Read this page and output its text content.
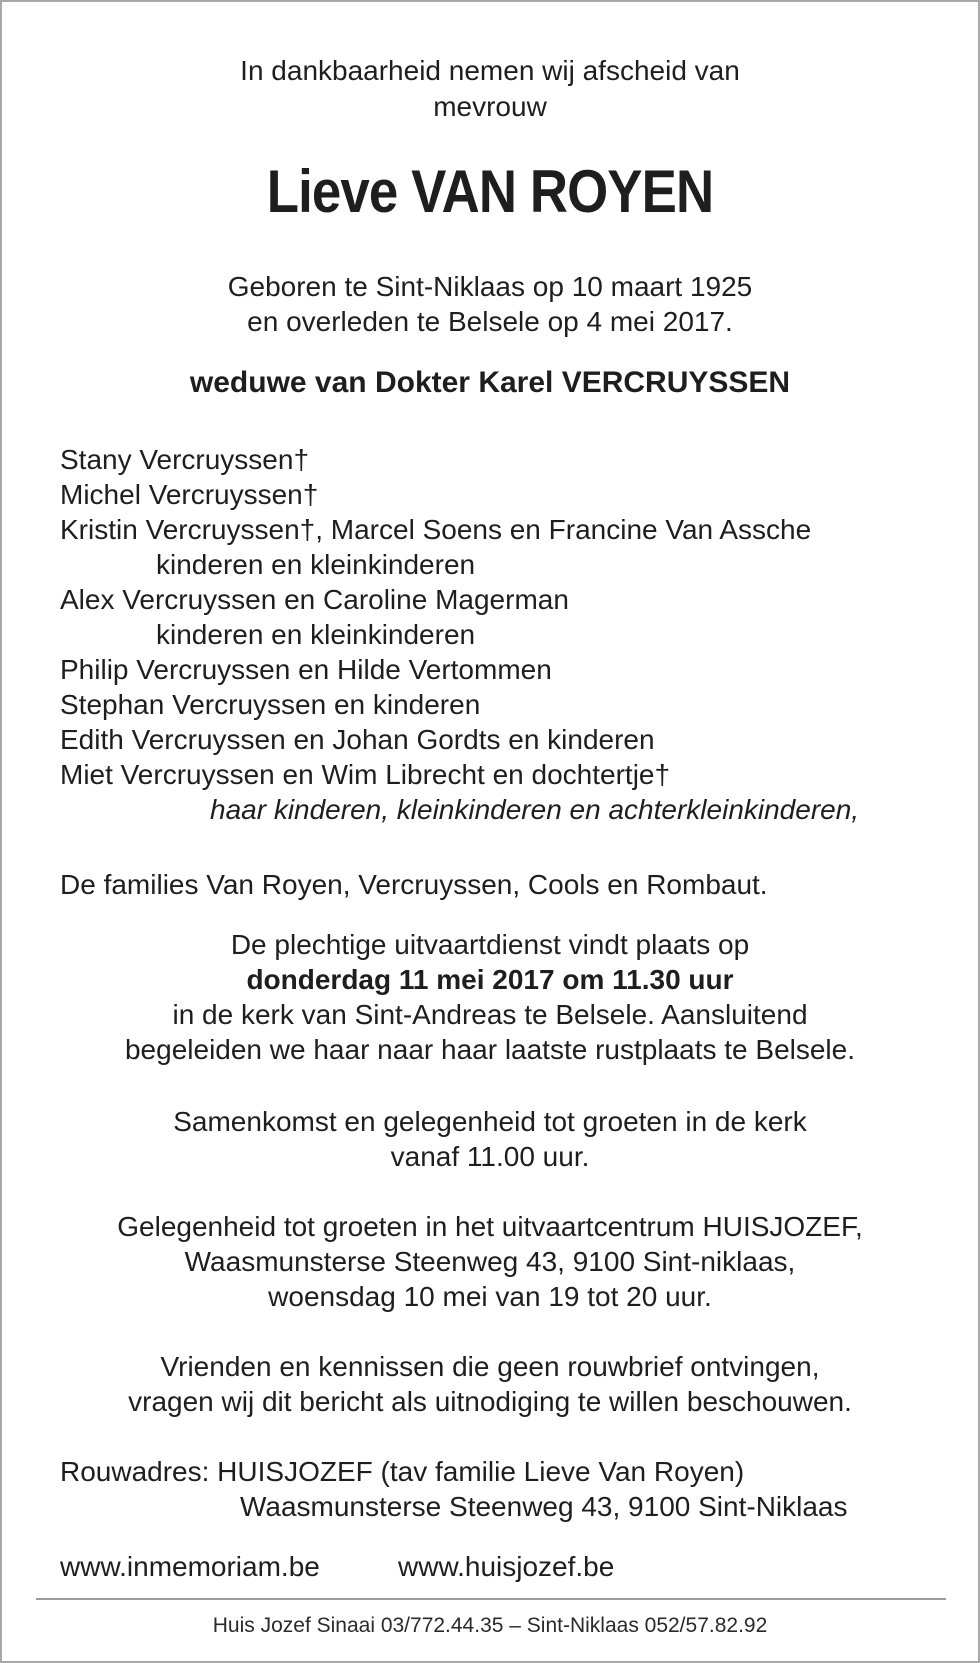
In dankbaarheid nemen wij afscheid van
mevrouw
Lieve VAN ROYEN
Geboren te Sint-Niklaas op 10 maart 1925
en overleden te Belsele op 4 mei 2017.
weduwe van Dokter Karel VERCRUYSSEN
Stany Vercruyssen†
Michel Vercruyssen†
Kristin Vercruyssen†, Marcel Soens en Francine Van Assche
kinderen en kleinkinderen
Alex Vercruyssen en Caroline Magerman
kinderen en kleinkinderen
Philip Vercruyssen en Hilde Vertommen
Stephan Vercruyssen en kinderen
Edith Vercruyssen en Johan Gordts en kinderen
Miet Vercruyssen en Wim Librecht en dochtertje†
haar kinderen, kleinkinderen en achterkleinkinderen,
De families Van Royen, Vercruyssen, Cools en Rombaut.
De plechtige uitvaartdienst vindt plaats op
donderdag 11 mei 2017 om 11.30 uur
in de kerk van Sint-Andreas te Belsele. Aansluitend
begeleiden we haar naar haar laatste rustplaats te Belsele.
Samenkomst en gelegenheid tot groeten in de kerk
vanaf 11.00 uur.
Gelegenheid tot groeten in het uitvaartcentrum HUISJOZEF,
Waasmunsterse Steenweg 43, 9100 Sint-niklaas,
woensdag 10 mei van 19 tot 20 uur.
Vrienden en kennissen die geen rouwbrief ontvingen,
vragen wij dit bericht als uitnodiging te willen beschouwen.
Rouwadres: HUISJOZEF (tav familie Lieve Van Royen)
Waasmunsterse Steenweg 43, 9100 Sint-Niklaas
www.inmemoriam.be	www.huisjozef.be
Huis Jozef Sinaai 03/772.44.35 – Sint-Niklaas 052/57.82.92
